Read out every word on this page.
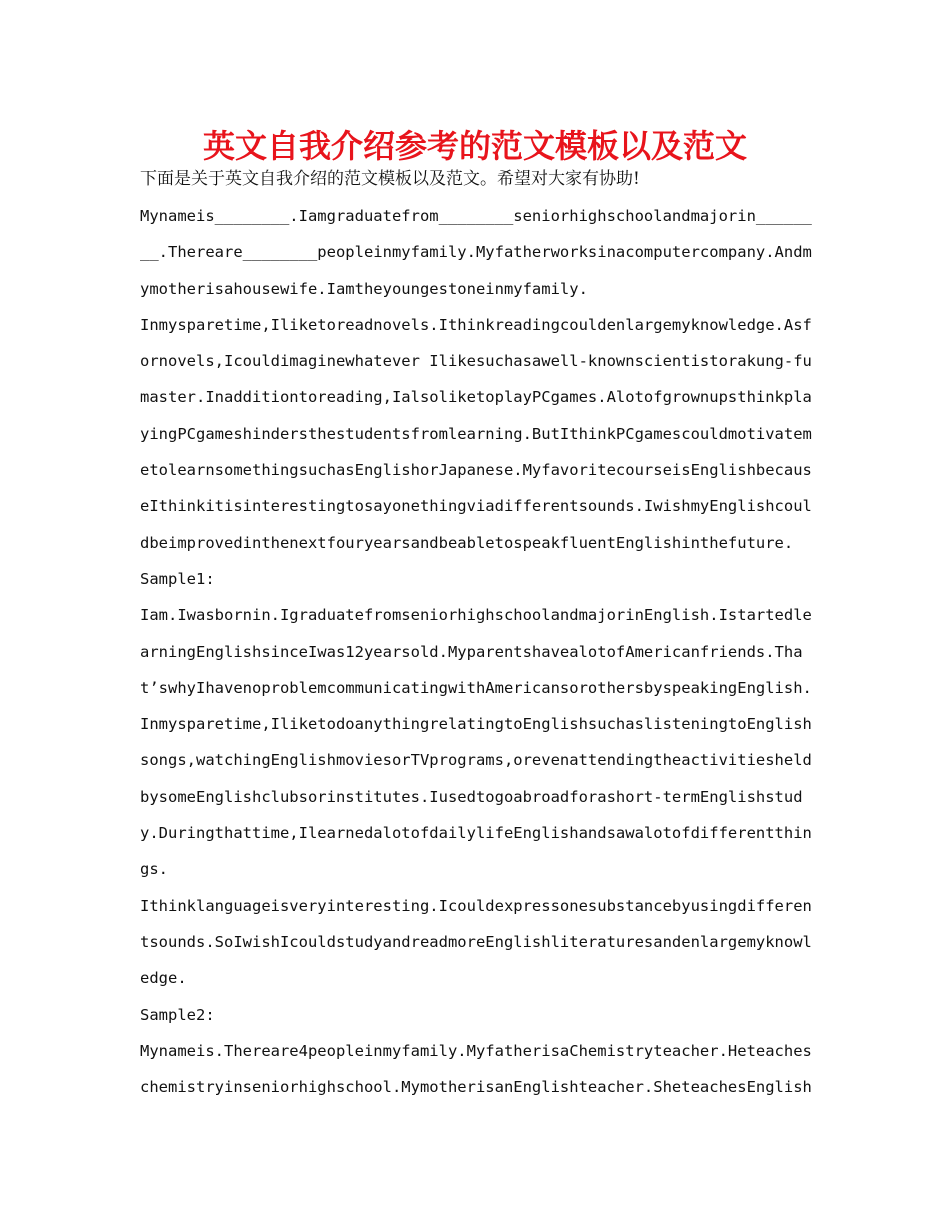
英文自我介绍参考的范文模板以及范文

下面是关于英文自我介绍的范文模板以及范文。希望对大家有协助!

Mynameis________.Iamgraduatefrom________seniorhighschoolandmajorin________.Thereare________peopleinmyfamily.Myfatherworksinacomputercompany.Andmymotherisahousewife.Iamtheyoungestoneinmyfamily.

Inmysparetime,Iliketoreadnovels.Ithinkreadingcouldenlargemyknowledge.Asfornovels,Icouldimaginewhatever Ilikesuchasawell-knownscientistorakung-fumaster.Inadditiontoreading,IalsoliketoplayPCgames.AlotofgrownupsthinkplayingPCgameshindersthestudentsfromlearning.ButIthinkPCgamescouldmotivatemetolearnsomethingsuchasEnglishorJapanese.MyfavoritecourseisEnglishbecauseIthinkitisinterestingtosayonethingviadifferentsounds.IwishmyEnglishcouldbeimprovedinthenextfouryearsandbeabletospeakfluentEnglishinthefuture.

Sample1:

Iam.Iwasbornin.IgraduatefromseniorhighschoolandmajorinEnglish.IstartedlearningEnglishsinceIwas12yearsold.MyparentshavealotofAmericanfriends.That’swhyIhavenoproblemcommunicatingwithAmericansorothersbyspeakingEnglish.

Inmysparetime,IliketodoanythingrelatingtoEnglishsuchaslisteningtoEnglishsongs,watchingEnglishmoviesorTVprograms,orevenattendingtheactivitiesheldbysomeEnglishclubsorinstitutes.Iusedtogoabroadforashort-termEnglishstudy.Duringthattime,IlearnedalotofdailylifeEnglishandsawalotofdifferentthings.

Ithinklanguageisveryinteresting.Icouldexpressonesubstancebyusingdifferentsounds.SoIwishIcouldstudyandreadmoreEnglishliteraturesandenlargemyknowledge.

Sample2:

Mynameis.Thereare4peopleinmyfamily.MyfatherisaChemistryteacher.Heteacheschemistryinseniorhighschool.MymotherisanEnglishteacher.SheteachesEnglish
